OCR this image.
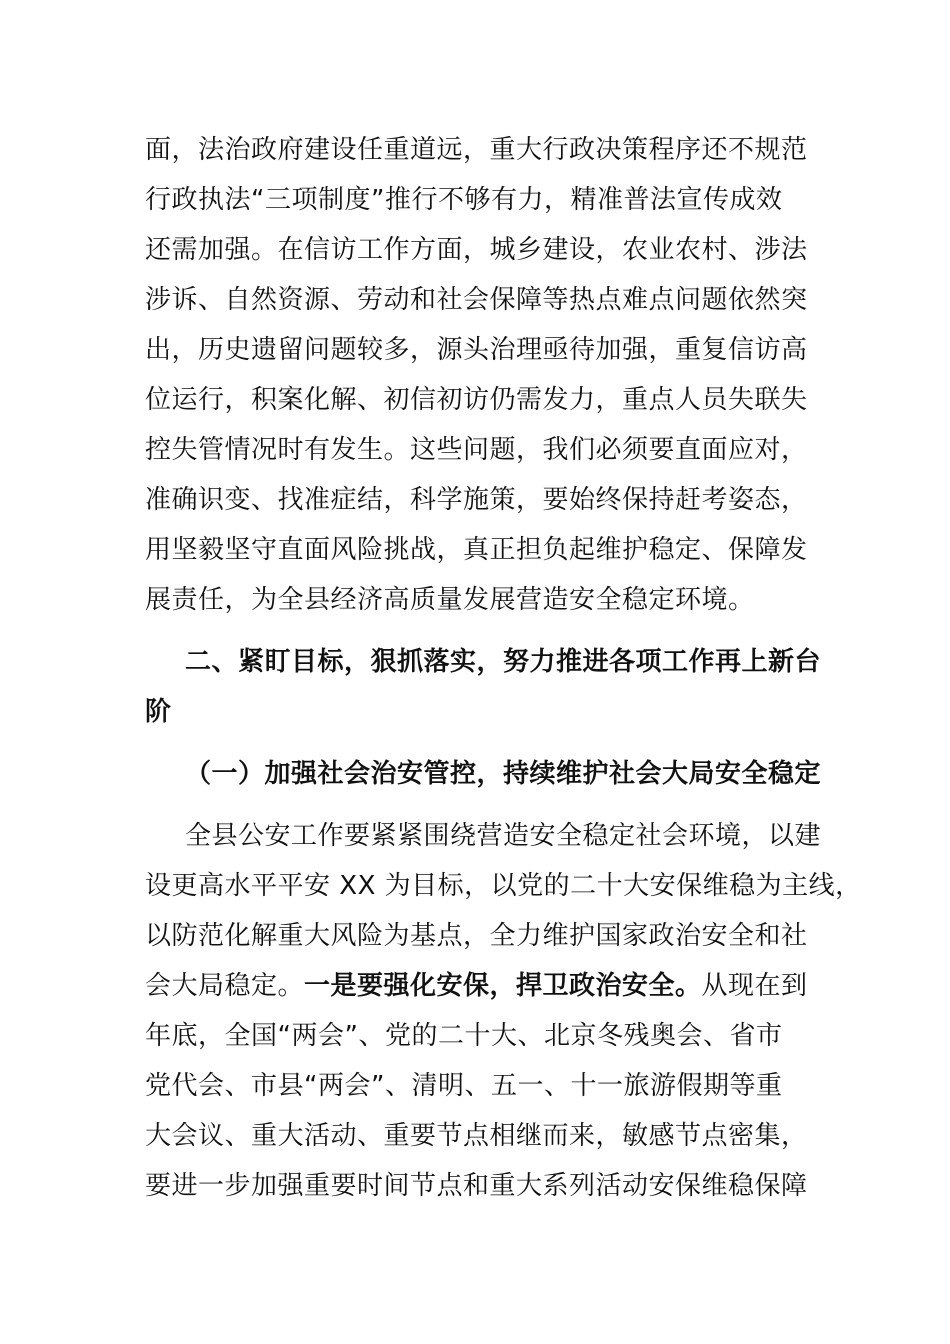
面，法治政府建设任重道远，重大行政决策程序还不规范
行政执法“三项制度”推行不够有力，精准普法宣传成效
还需加强。在信访工作方面，城乡建设，农业农村、涉法
涉诉、自然资源、劳动和社会保障等热点难点问题依然突
出，历史遗留问题较多，源头治理亟待加强，重复信访高
位运行，积案化解、初信初访仍需发力，重点人员失联失
控失管情况时有发生。这些问题，我们必须要直面应对，
准确识变、找准症结，科学施策，要始终保持赶考姿态，
用坚毅坚守直面风险挑战，真正担负起维护稳定、保障发
展责任，为全县经济高质量发展营造安全稳定环境。
二、紧盯目标，狠抓落实，努力推进各项工作再上新台
阶
（一）加强社会治安管控，持续维护社会大局安全稳定
全县公安工作要紧紧围绕营造安全稳定社会环境，以建
设更高水平平安 XX 为目标，以党的二十大安保维稳为主线，
以防范化解重大风险为基点，全力维护国家政治安全和社
会大局稳定。一是要强化安保，捍卫政治安全。从现在到
年底，全国“两会”、党的二十大、北京冬残奥会、省市
党代会、市县“两会”、清明、五一、十一旅游假期等重
大会议、重大活动、重要节点相继而来，敏感节点密集，
要进一步加强重要时间节点和重大系列活动安保维稳保障
